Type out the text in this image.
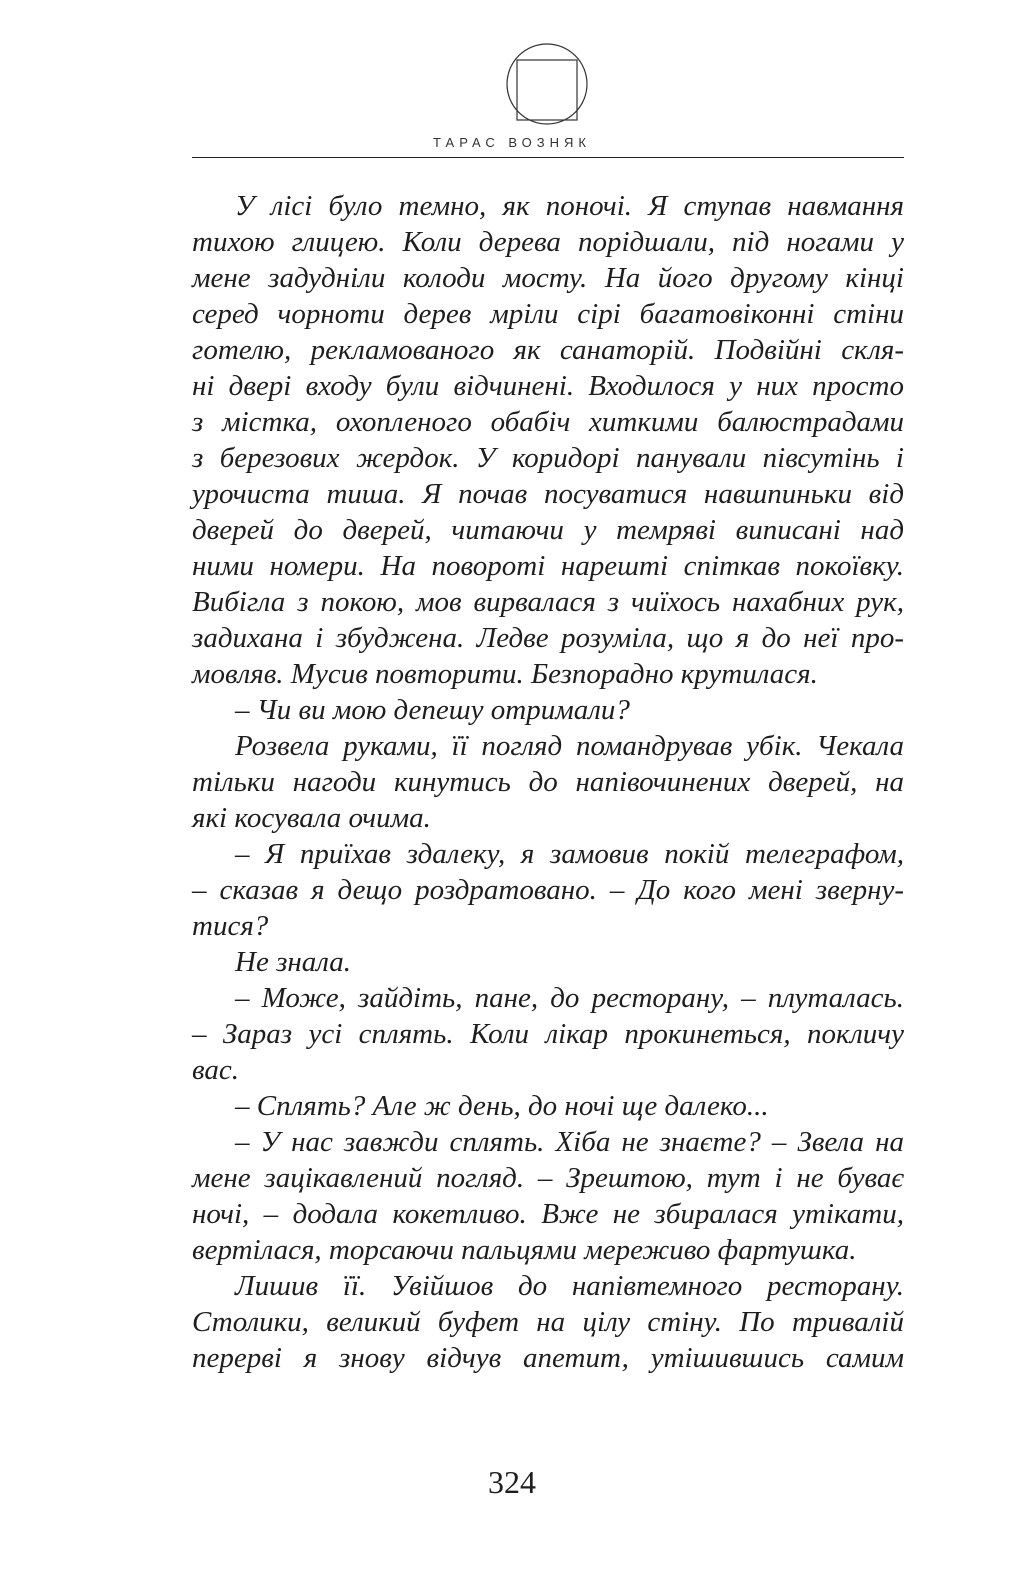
ТАРАС ВОЗНЯК
У лісі було темно, як поночі. Я ступав навмання
тихою глицею. Коли дерева порідшали, під ногами у
мене задудніли колоди мосту. На його другому кінці
серед чорноти дерев мріли сірі багатовіконні стіни
готелю, рекламованого як санаторій. Подвійні скля-
ні двері входу були відчинені. Входилося у них просто
з містка, охопленого обабіч хиткими балюстрадами
з березових жердок. У коридорі панували півсутінь і
урочиста тиша. Я почав посуватися навшпиньки від
дверей до дверей, читаючи у темряві виписані над
ними номери. На повороті нарешті спіткав покоївку.
Вибігла з покою, мов вирвалася з чиїхось нахабних рук,
задихана і збуджена. Ледве розуміла, що я до неї про-
мовляв. Мусив повторити. Безпорадно крутилася.
– Чи ви мою депешу отримали?
Розвела руками, її погляд помандрував убік. Чекала
тільки нагоди кинутись до напівочинених дверей, на
які косувала очима.
– Я приїхав здалеку, я замовив покій телеграфом,
– сказав я дещо роздратовано. – До кого мені зверну-
тися?
Не знала.
– Може, зайдіть, пане, до ресторану, – плуталась.
– Зараз усі сплять. Коли лікар прокинеться, покличу
вас.
– Сплять? Але ж день, до ночі ще далеко...
– У нас завжди сплять. Хіба не знаєте? – Звела на
мене зацікавлений погляд. – Зрештою, тут і не буває
ночі, – додала кокетливо. Вже не збиралася утікати,
вертілася, торсаючи пальцями мереживо фартушка.
Лишив її. Увійшов до напівтемного ресторану.
Столики, великий буфет на цілу стіну. По тривалій
перерві я знову відчув апетит, утішившись самим
324
